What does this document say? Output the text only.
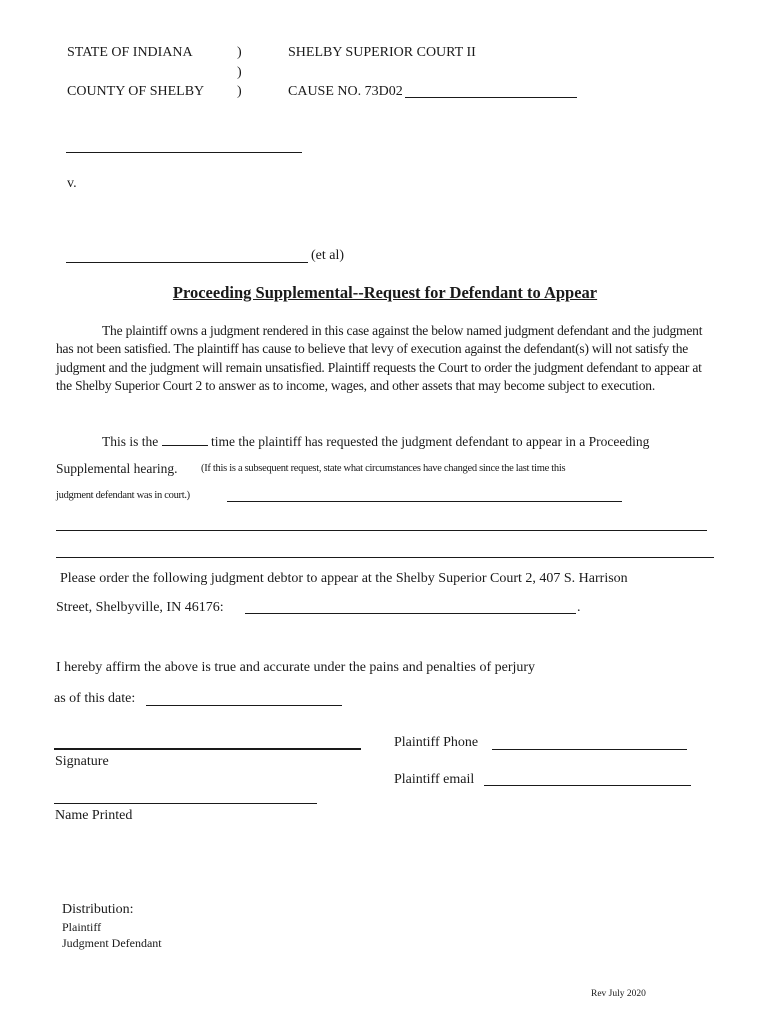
STATE OF INDIANA
COUNTY OF SHELBY
)
)
)
SHELBY SUPERIOR COURT II
CAUSE NO. 73D02
v.
(et al)
Proceeding Supplemental--Request for Defendant to Appear
The plaintiff owns a judgment rendered in this case against the below named judgment defendant and the judgment has not been satisfied. The plaintiff has cause to believe that levy of execution against the defendant(s) will not satisfy the judgment and the judgment will remain unsatisfied. Plaintiff requests the Court to order the judgment defendant to appear at the Shelby Superior Court 2 to answer as to income, wages, and other assets that may become subject to execution.
This is the	time the plaintiff has requested the judgment defendant to appear in a Proceeding
Supplemental hearing. (If this is a subsequent request, state what circumstances have changed since the last time this
judgment defendant was in court.)
Please order the following judgment debtor to appear at the Shelby Superior Court 2, 407 S. Harrison
Street, Shelbyville, IN 46176:	.
I hereby affirm the above is true and accurate under the pains and penalties of perjury
as of this date:
Signature
Name Printed
Plaintiff Phone
Plaintiff email
Distribution:
Plaintiff
Judgment Defendant
Rev July 2020
